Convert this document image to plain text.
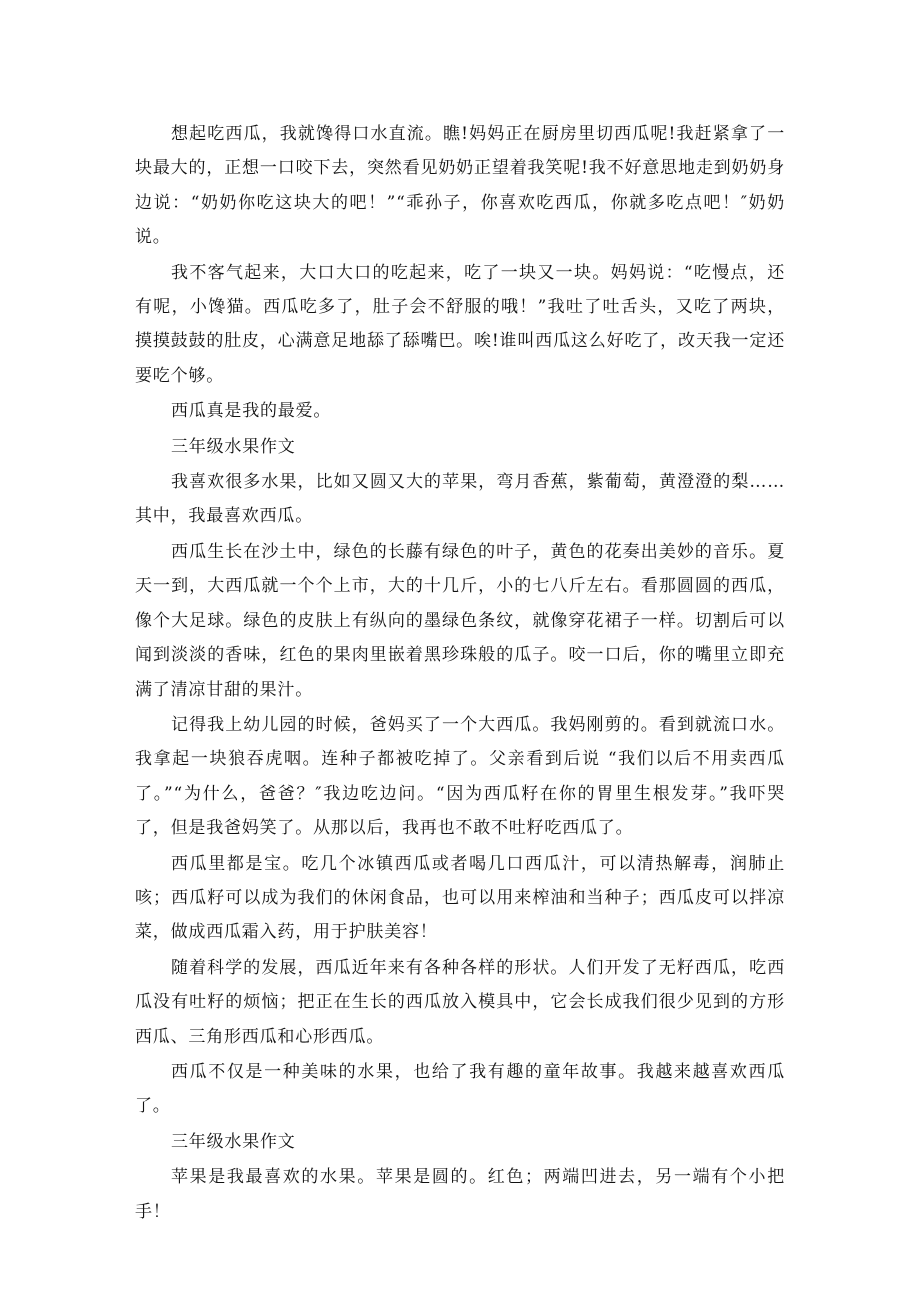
想起吃西瓜，我就馋得口水直流。瞧!妈妈正在厨房里切西瓜呢!我赶紧拿了一块最大的，正想一口咬下去，突然看见奶奶正望着我笑呢!我不好意思地走到奶奶身边说：“奶奶你吃这块大的吧！”“乖孙子，你喜欢吃西瓜，你就多吃点吧！″奶奶说。

我不客气起来，大口大口的吃起来，吃了一块又一块。妈妈说：“吃慢点，还有呢，小馋猫。西瓜吃多了，肚子会不舒服的哦！”我吐了吐舌头，又吃了两块，摸摸鼓鼓的肚皮，心满意足地舔了舔嘴巴。唉!谁叫西瓜这么好吃了，改天我一定还要吃个够。

西瓜真是我的最爱。

三年级水果作文

我喜欢很多水果，比如又圆又大的苹果，弯月香蕉，紫葡萄，黄澄澄的梨……其中，我最喜欢西瓜。

西瓜生长在沙土中，绿色的长藤有绿色的叶子，黄色的花奏出美妙的音乐。夏天一到，大西瓜就一个个上市，大的十几斤，小的七八斤左右。看那圆圆的西瓜，像个大足球。绿色的皮肤上有纵向的墨绿色条纹，就像穿花裙子一样。切割后可以闻到淡淡的香味，红色的果肉里嵌着黑珍珠般的瓜子。咬一口后，你的嘴里立即充满了清凉甘甜的果汁。

记得我上幼儿园的时候，爸妈买了一个大西瓜。我妈刚剪的。看到就流口水。我拿起一块狼吞虎咽。连种子都被吃掉了。父亲看到后说 “我们以后不用卖西瓜了。”“为什么，爸爸？″我边吃边问。“因为西瓜籽在你的胃里生根发芽。”我吓哭了，但是我爸妈笑了。从那以后，我再也不敢不吐籽吃西瓜了。

西瓜里都是宝。吃几个冰镇西瓜或者喝几口西瓜汁，可以清热解毒，润肺止咳；西瓜籽可以成为我们的休闲食品，也可以用来榨油和当种子；西瓜皮可以拌凉菜，做成西瓜霜入药，用于护肤美容！

随着科学的发展，西瓜近年来有各种各样的形状。人们开发了无籽西瓜，吃西瓜没有吐籽的烦恼；把正在生长的西瓜放入模具中，它会长成我们很少见到的方形西瓜、三角形西瓜和心形西瓜。

西瓜不仅是一种美味的水果，也给了我有趣的童年故事。我越来越喜欢西瓜了。

三年级水果作文

苹果是我最喜欢的水果。苹果是圆的。红色；两端凹进去，另一端有个小把手！
